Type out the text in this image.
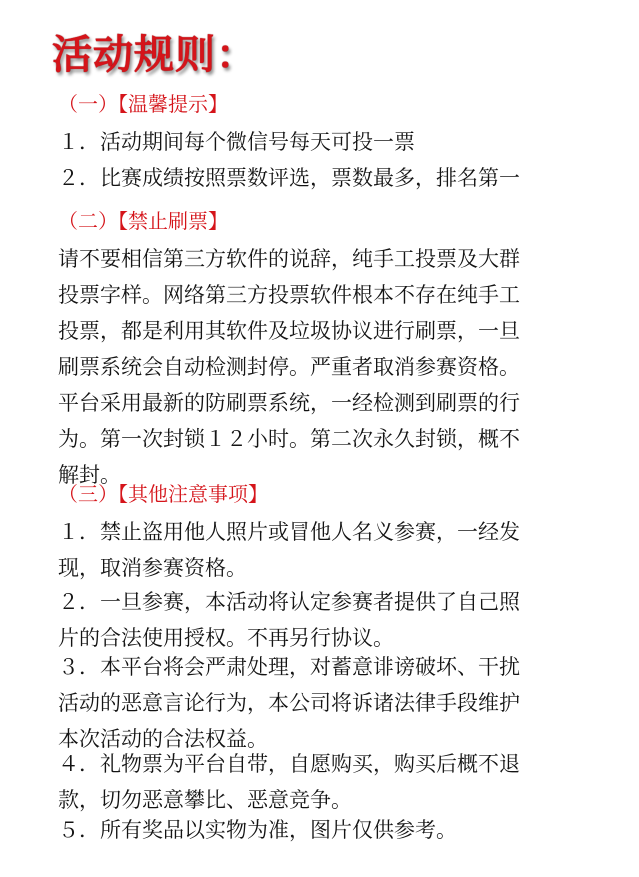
活动规则：
（一）【温馨提示】
１．活动期间每个微信号每天可投一票
２．比赛成绩按照票数评选，票数最多，排名第一
（二）【禁止刷票】
请不要相信第三方软件的说辞，纯手工投票及大群
投票字样。网络第三方投票软件根本不存在纯手工
投票，都是利用其软件及垃圾协议进行刷票，一旦
刷票系统会自动检测封停。严重者取消参赛资格。
平台采用最新的防刷票系统，一经检测到刷票的行
为。第一次封锁１２小时。第二次永久封锁，概不
解封。
（三）【其他注意事项】
１．禁止盗用他人照片或冒他人名义参赛，一经发
现，取消参赛资格。
２．一旦参赛，本活动将认定参赛者提供了自己照
片的合法使用授权。不再另行协议。
３．本平台将会严肃处理，对蓄意诽谤破坏、干扰
活动的恶意言论行为，本公司将诉诸法律手段维护
本次活动的合法权益。
４．礼物票为平台自带，自愿购买，购买后概不退
款，切勿恶意攀比、恶意竞争。
５．所有奖品以实物为准，图片仅供参考。
